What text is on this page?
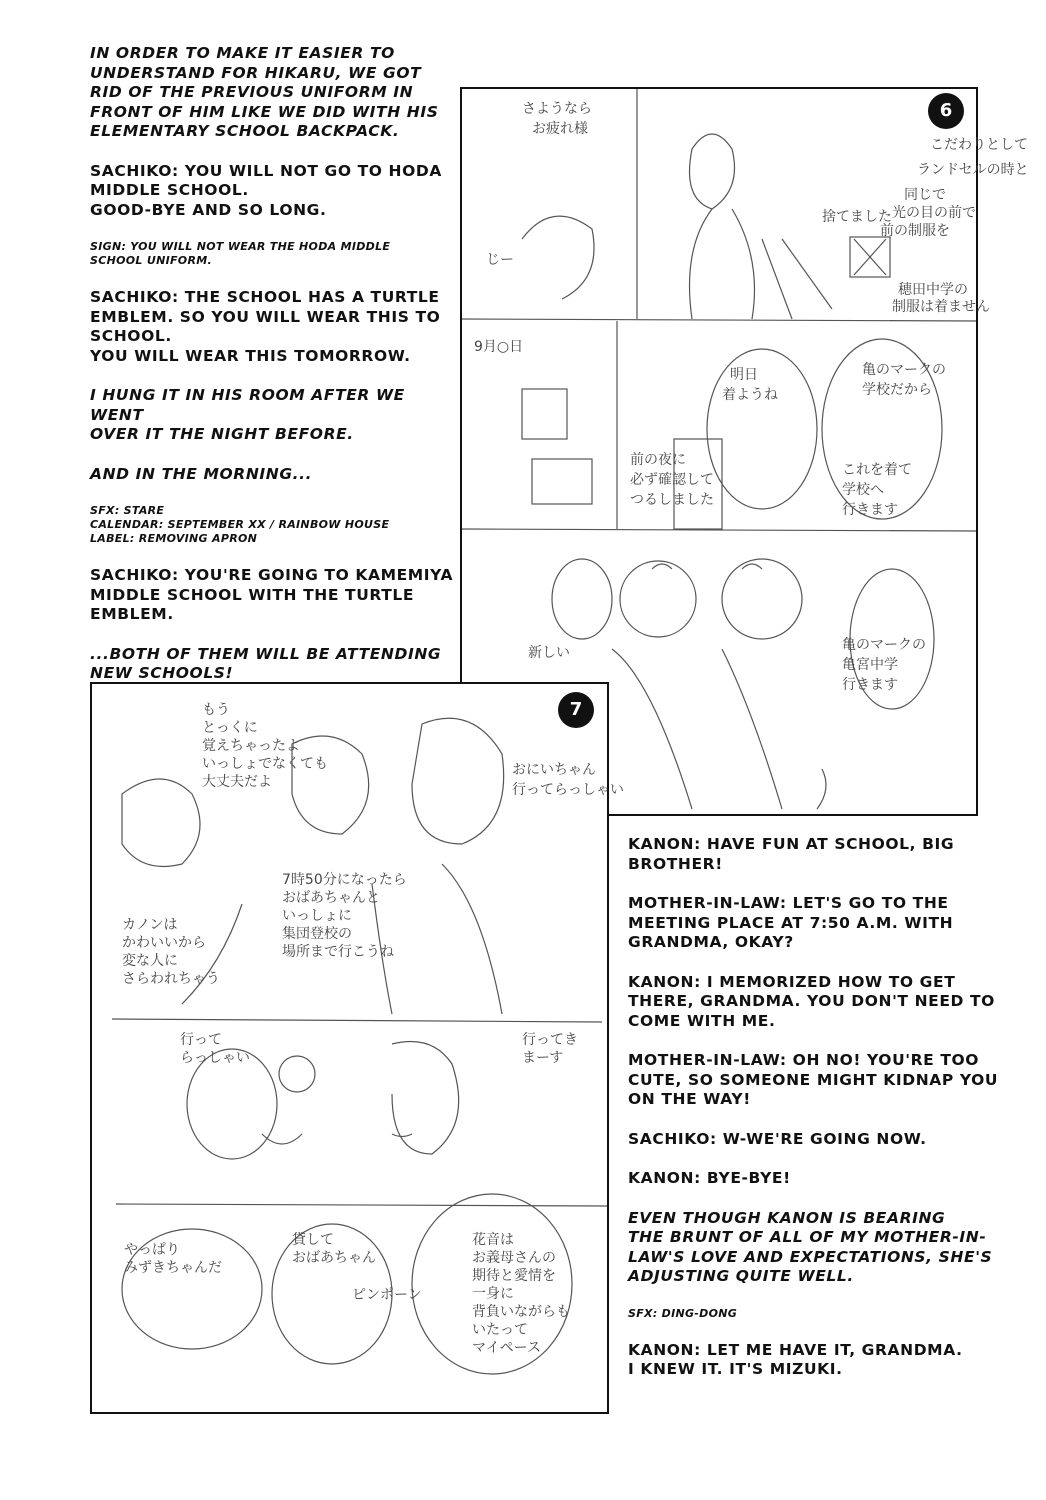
IN ORDER TO MAKE IT EASIER TO
UNDERSTAND FOR HIKARU, WE GOT
RID OF THE PREVIOUS UNIFORM IN
FRONT OF HIM LIKE WE DID WITH HIS
ELEMENTARY SCHOOL BACKPACK.

SACHIKO: YOU WILL NOT GO TO HODA
MIDDLE SCHOOL.
GOOD-BYE AND SO LONG.

SIGN: YOU WILL NOT WEAR THE HODA MIDDLE
SCHOOL UNIFORM.

SACHIKO: THE SCHOOL HAS A TURTLE
EMBLEM. SO YOU WILL WEAR THIS TO
SCHOOL.
YOU WILL WEAR THIS TOMORROW.

I HUNG IT IN HIS ROOM AFTER WE WENT
OVER IT THE NIGHT BEFORE.

AND IN THE MORNING...

SFX: STARE
CALENDAR: SEPTEMBER XX / RAINBOW HOUSE
LABEL: REMOVING APRON

SACHIKO: YOU'RE GOING TO KAMEMIYA
MIDDLE SCHOOL WITH THE TURTLE
EMBLEM.

...BOTH OF THEM WILL BE ATTENDING
NEW SCHOOLS!

こだわりとして
ランドセルの時と
同じで
光の目の前で
前の制服を
捨てました
さようなら
お疲れ様
穂田中学の
制服は着ません
亀のマークの
学校だから
これを着て
学校へ
行きます
明日
着ようね
前の夜に
必ず確認して
つるしました
亀のマークの
亀宮中学
行きます
9月○日
じー
新しい
6
おにいちゃん
行ってらっしゃい
もう
とっくに
覚えちゃったよ
いっしょでなくても
大丈夫だよ
7時50分になったら
おばあちゃんと
いっしょに
集団登校の
場所まで行こうね
カノンは
かわいいから
変な人に
さらわれちゃう
行って
らっしゃい
行ってき
まーす
花音は
お義母さんの
期待と愛情を
一身に
背負いながらも
いたって
マイペース
やっぱり
みずきちゃんだ
貸して
おばあちゃん
ピンポーン
7

KANON: HAVE FUN AT SCHOOL, BIG
BROTHER!

MOTHER-IN-LAW: LET'S GO TO THE
MEETING PLACE AT 7:50 A.M. WITH
GRANDMA, OKAY?

KANON: I MEMORIZED HOW TO GET
THERE, GRANDMA. YOU DON'T NEED TO
COME WITH ME.

MOTHER-IN-LAW: OH NO! YOU'RE TOO
CUTE, SO SOMEONE MIGHT KIDNAP YOU
ON THE WAY!

SACHIKO: W-WE'RE GOING NOW.

KANON: BYE-BYE!

EVEN THOUGH KANON IS BEARING
THE BRUNT OF ALL OF MY MOTHER-IN-
LAW'S LOVE AND EXPECTATIONS, SHE'S
ADJUSTING QUITE WELL.

SFX: DING-DONG

KANON: LET ME HAVE IT, GRANDMA.
I KNEW IT. IT'S MIZUKI.
